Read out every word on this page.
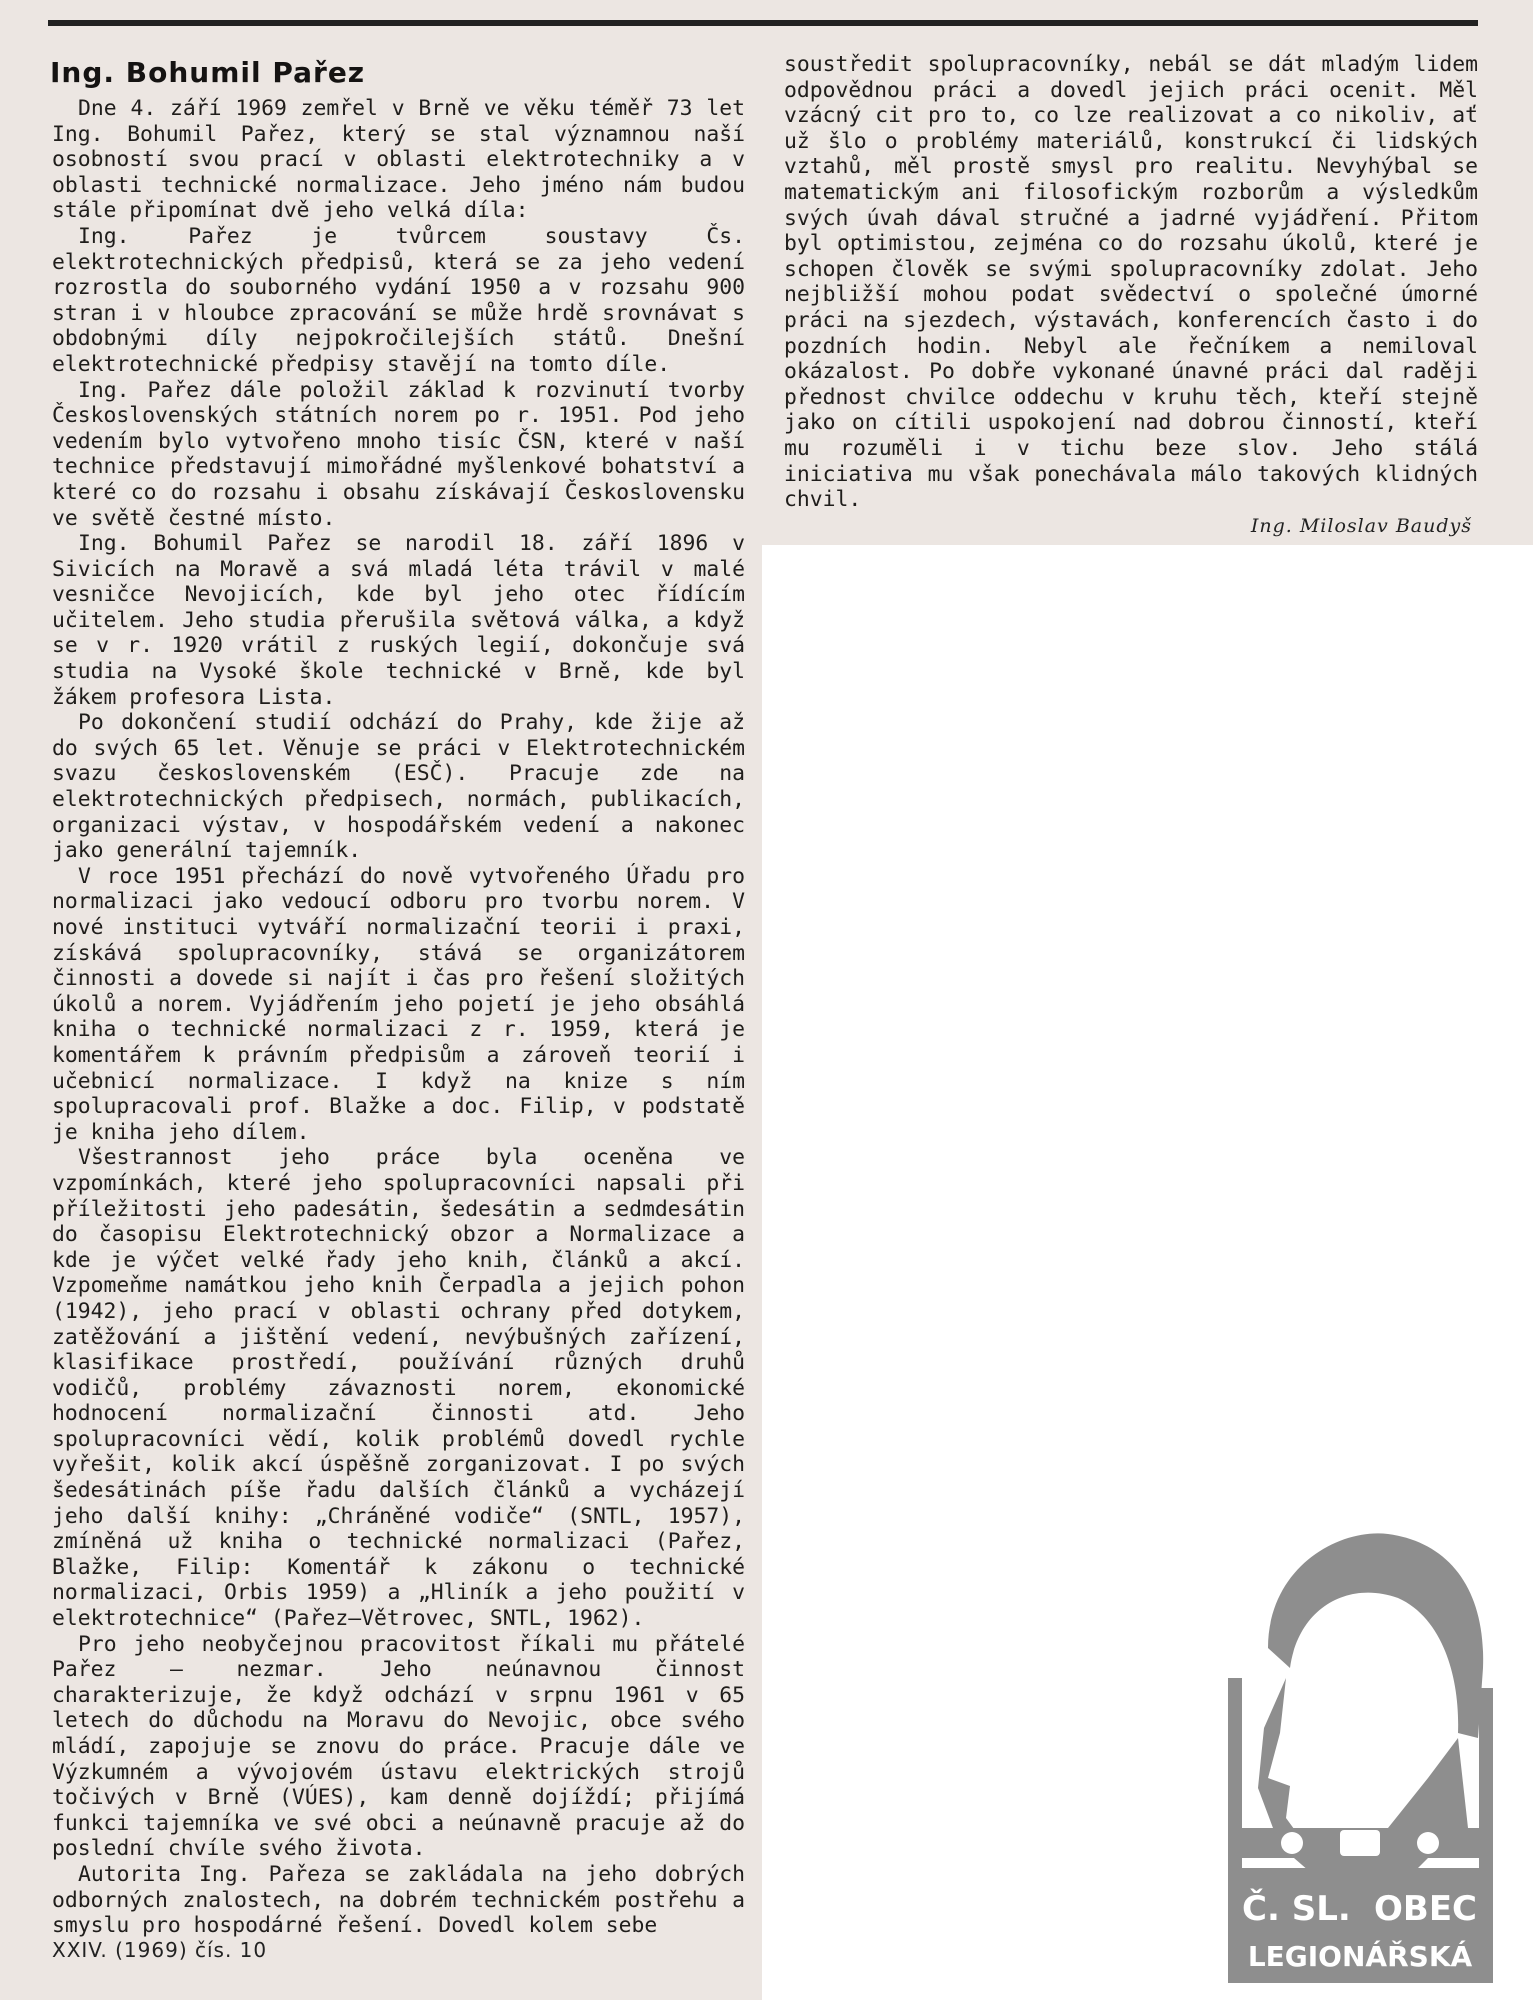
Ing. Bohumil Pařez

Dne 4. září 1969 zemřel v Brně ve věku téměř 73 let Ing. Bohumil Pařez, který se stal významnou naší osobností svou prací v oblasti elektrotechniky a v oblasti technické normalizace. Jeho jméno nám budou stále připomínat dvě jeho velká díla:

Ing. Pařez je tvůrcem soustavy Čs. elektrotechnických předpisů, která se za jeho vedení rozrostla do souborného vydání 1950 a v rozsahu 900 stran i v hloubce zpracování se může hrdě srovnávat s obdobnými díly nejpokročilejších států. Dnešní elektrotechnické předpisy stavějí na tomto díle.

Ing. Pařez dále položil základ k rozvinutí tvorby Československých státních norem po r. 1951. Pod jeho vedením bylo vytvořeno mnoho tisíc ČSN, které v naší technice představují mimořádné myšlenkové bohatství a které co do rozsahu i obsahu získávají Československu ve světě čestné místo.

Ing. Bohumil Pařez se narodil 18. září 1896 v Sivicích na Moravě a svá mladá léta trávil v malé vesničce Nevojicích, kde byl jeho otec řídícím učitelem. Jeho studia přerušila světová válka, a když se v r. 1920 vrátil z ruských legií, dokončuje svá studia na Vysoké škole technické v Brně, kde byl žákem profesora Lista.

Po dokončení studií odchází do Prahy, kde žije až do svých 65 let. Věnuje se práci v Elektrotechnickém svazu československém (ESČ). Pracuje zde na elektrotechnických předpisech, normách, publikacích, organizaci výstav, v hospodářském vedení a nakonec jako generální tajemník.

V roce 1951 přechází do nově vytvořeného Úřadu pro normalizaci jako vedoucí odboru pro tvorbu norem. V nové instituci vytváří normalizační teorii i praxi, získává spolupracovníky, stává se organizátorem činnosti a dovede si najít i čas pro řešení složitých úkolů a norem. Vyjádřením jeho pojetí je jeho obsáhlá kniha o technické normalizaci z r. 1959, která je komentářem k právním předpisům a zároveň teorií i učebnicí normalizace. I když na knize s ním spolupracovali prof. Blažke a doc. Filip, v podstatě je kniha jeho dílem.

Všestrannost jeho práce byla oceněna ve vzpomínkách, které jeho spolupracovníci napsali při příležitosti jeho padesátin, šedesátin a sedmdesátin do časopisu Elektrotechnický obzor a Normalizace a kde je výčet velké řady jeho knih, článků a akcí. Vzpomeňme namátkou jeho knih Čerpadla a jejich pohon (1942), jeho prací v oblasti ochrany před dotykem, zatěžování a jištění vedení, nevýbušných zařízení, klasifikace prostředí, používání různých druhů vodičů, problémy závaznosti norem, ekonomické hodnocení normalizační činnosti atd. Jeho spolupracovníci vědí, kolik problémů dovedl rychle vyřešit, kolik akcí úspěšně zorganizovat. I po svých šedesátinách píše řadu dalších článků a vycházejí jeho další knihy: „Chráněné vodiče“ (SNTL, 1957), zmíněná už kniha o technické normalizaci (Pařez, Blažke, Filip: Komentář k zákonu o technické normalizaci, Orbis 1959) a „Hliník a jeho použití v elektrotechnice“ (Pařez—Větrovec, SNTL, 1962).

Pro jeho neobyčejnou pracovitost říkali mu přátelé Pařez — nezmar. Jeho neúnavnou činnost charakterizuje, že když odchází v srpnu 1961 v 65 letech do důchodu na Moravu do Nevojic, obce svého mládí, zapojuje se znovu do práce. Pracuje dále ve Výzkumném a vývojovém ústavu elektrických strojů točivých v Brně (VÚES), kam denně dojíždí; přijímá funkci tajemníka ve své obci a neúnavně pracuje až do poslední chvíle svého života.

Autorita Ing. Pařeza se zakládala na jeho dobrých odborných znalostech, na dobrém technickém postřehu a smyslu pro hospodárné řešení. Dovedl kolem sebe

soustředit spolupracovníky, nebál se dát mladým lidem odpovědnou práci a dovedl jejich práci ocenit. Měl vzácný cit pro to, co lze realizovat a co nikoliv, ať už šlo o problémy materiálů, konstrukcí či lidských vztahů, měl prostě smysl pro realitu. Nevyhýbal se matematickým ani filosofickým rozborům a výsledkům svých úvah dával stručné a jadrné vyjádření. Přitom byl optimistou, zejména co do rozsahu úkolů, které je schopen člověk se svými spolupracovníky zdolat. Jeho nejbližší mohou podat svědectví o společné úmorné práci na sjezdech, výstavách, konferencích často i do pozdních hodin. Nebyl ale řečníkem a nemiloval okázalost. Po dobře vykonané únavné práci dal raději přednost chvilce oddechu v kruhu těch, kteří stejně jako on cítili uspokojení nad dobrou činností, kteří mu rozuměli i v tichu beze slov. Jeho stálá iniciativa mu však ponechávala málo takových klidných chvil.

Ing. Miloslav Baudyš

XXIV. (1969) čís. 10
Č. SL. OBEC
LEGIONÁŘSKÁ
